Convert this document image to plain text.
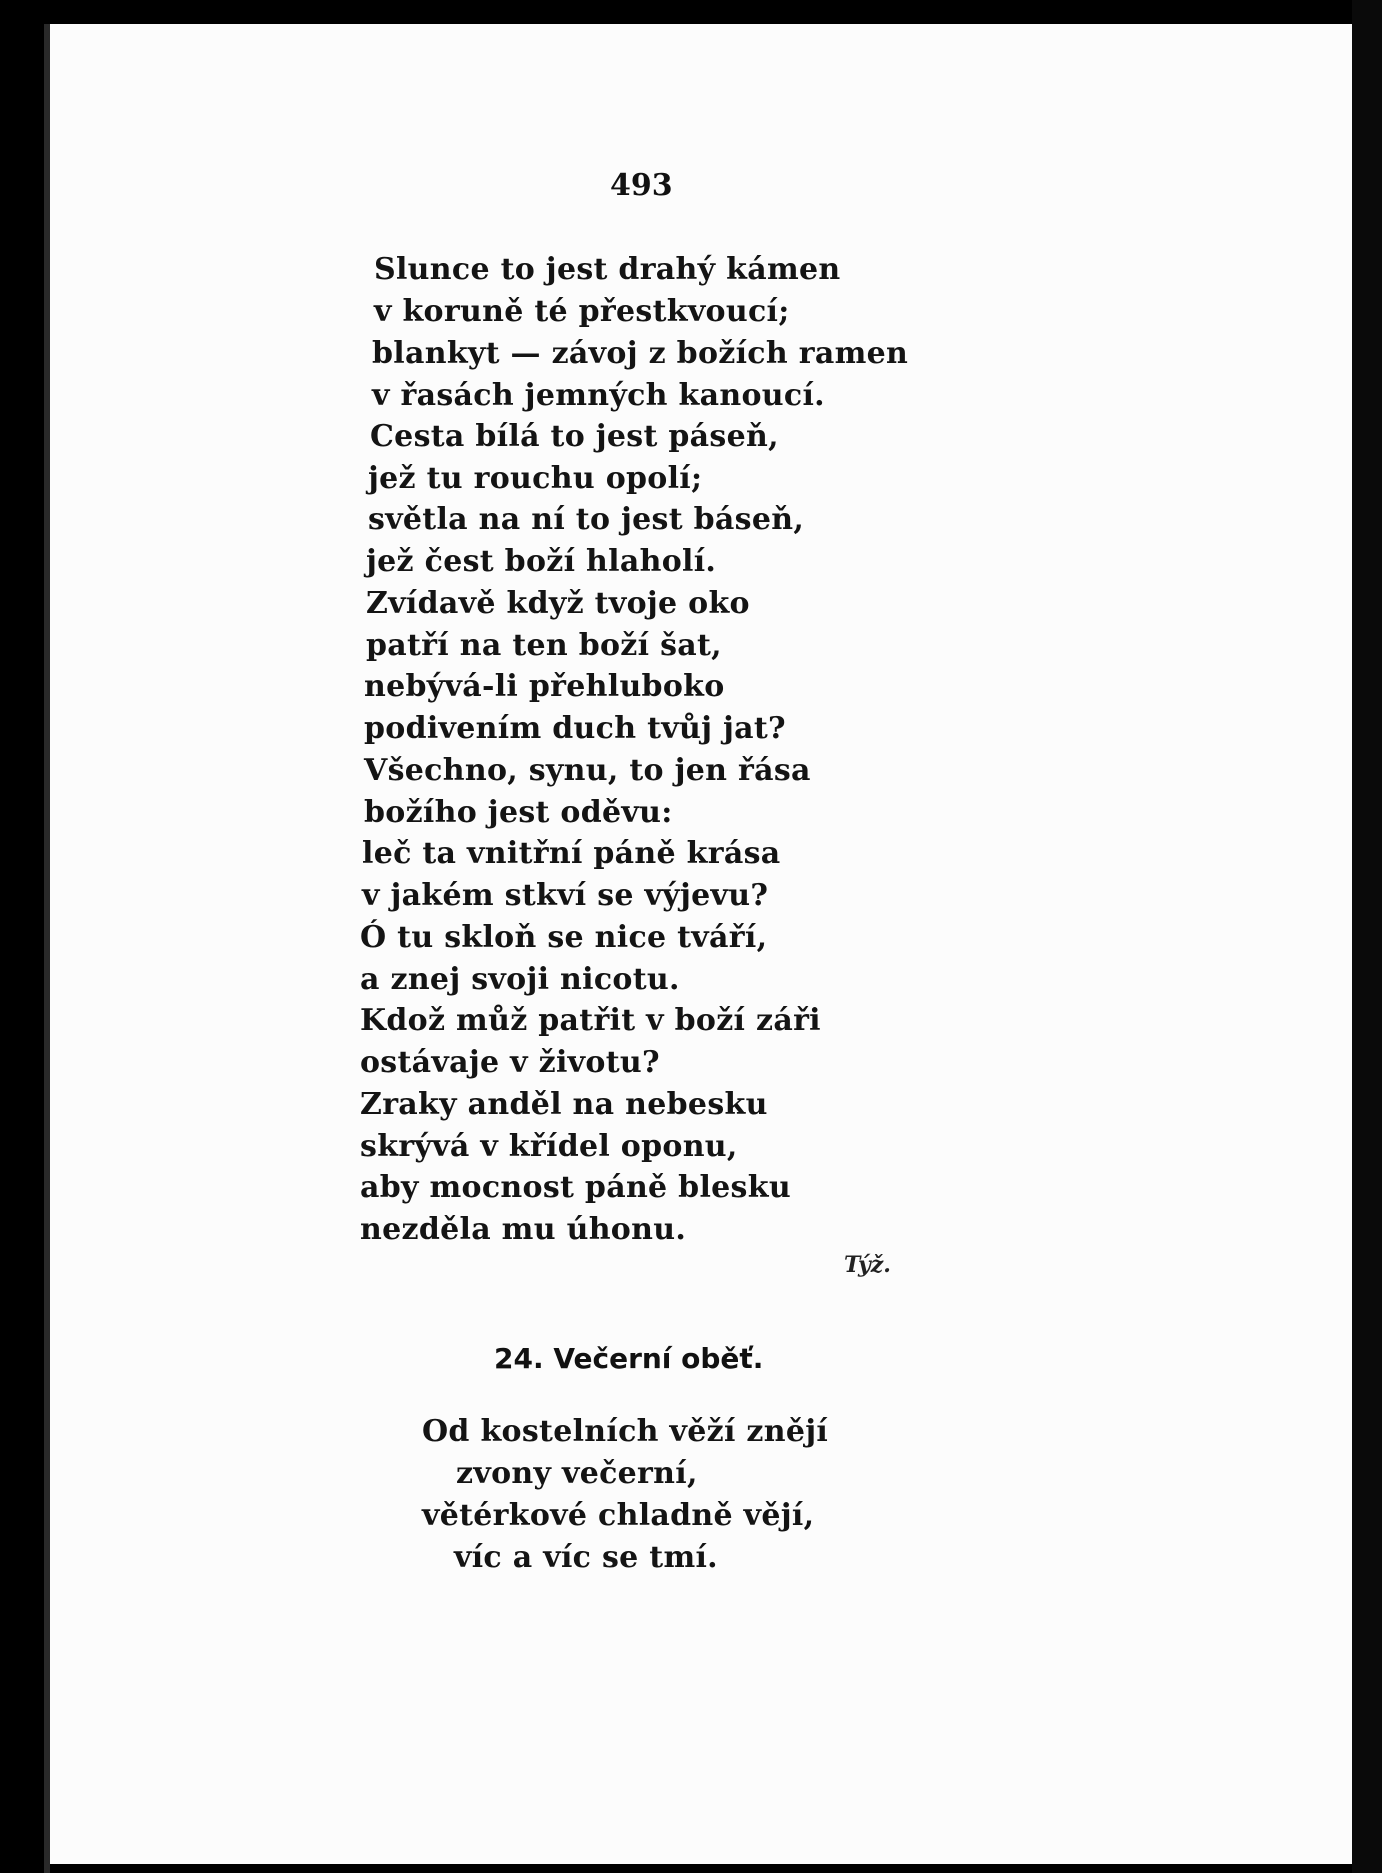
493
Slunce to jest drahý kámen
v koruně té přestkvoucí;
blankyt — závoj z božích ramen
v řasách jemných kanoucí.
Cesta bílá to jest páseň,
jež tu rouchu opolí;
světla na ní to jest báseň,
jež čest boží hlaholí.
Zvídavě když tvoje oko
patří na ten boží šat,
nebývá-li přehluboko
podivením duch tvůj jat?
Všechno, synu, to jen řása
božího jest oděvu:
leč ta vnitřní páně krása
v jakém stkví se výjevu?
Ó tu skloň se nice tváří,
a znej svoji nicotu.
Kdož můž patřit v boží záři
ostávaje v životu?
Zraky anděl na nebesku
skrývá v křídel oponu,
aby mocnost páně blesku
nezděla mu úhonu.
Týž.
24. Večerní oběť.
Od kostelních věží znějí
zvony večerní,
větérkové chladně vějí,
víc a víc se tmí.
